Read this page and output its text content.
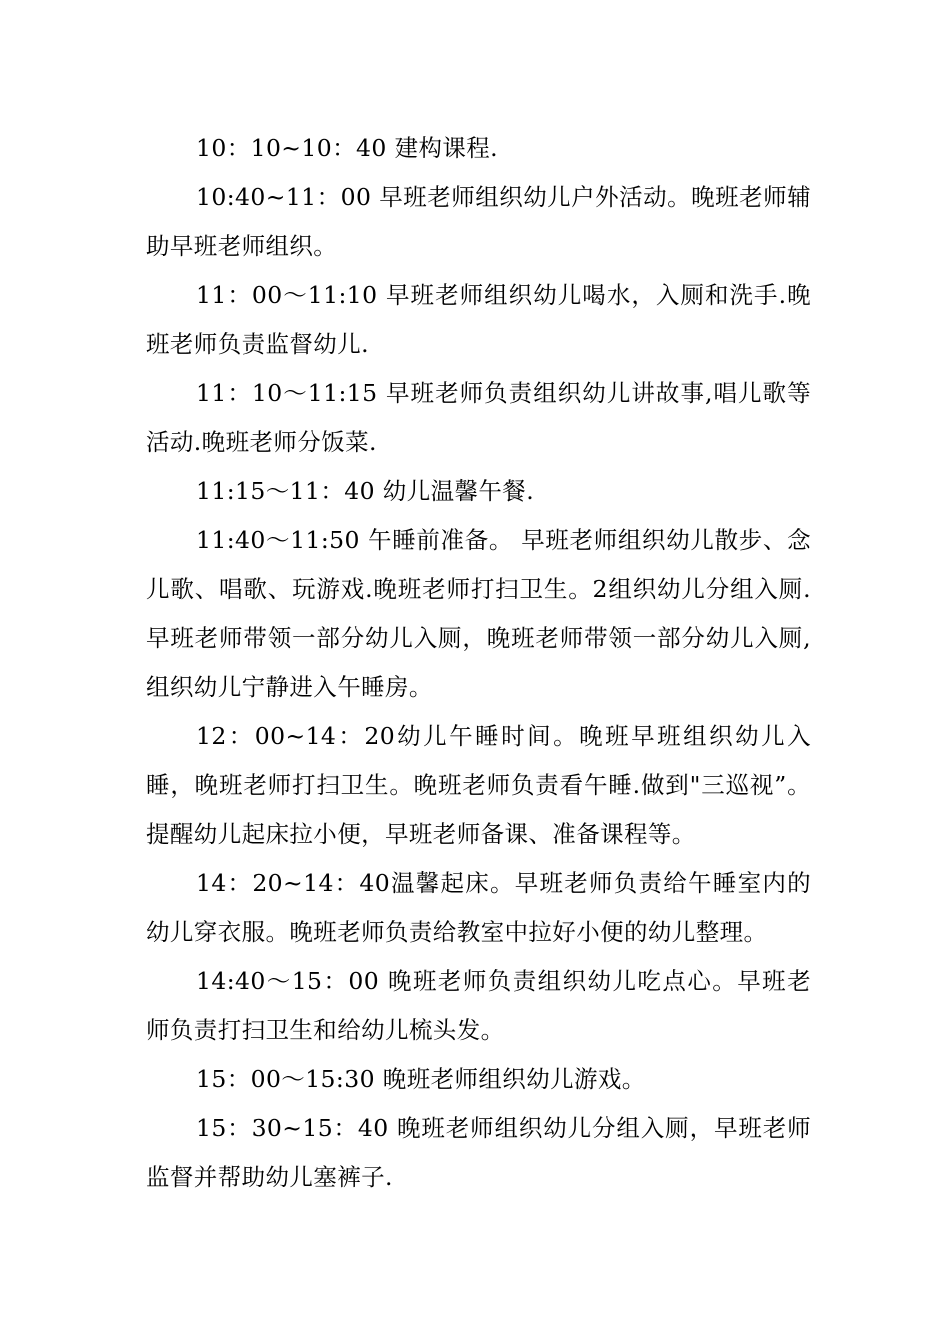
10：10~10：40 建构课程.

10:40~11：00 早班老师组织幼儿户外活动。晚班老师辅助早班老师组织。

11：00～11:10 早班老师组织幼儿喝水，入厕和洗手.晚班老师负责监督幼儿.

11：10～11:15 早班老师负责组织幼儿讲故事,唱儿歌等活动.晚班老师分饭菜.

11:15～11：40 幼儿温馨午餐.

11:40～11:50 午睡前准备。 早班老师组织幼儿散步、念儿歌、唱歌、玩游戏.晚班老师打扫卫生。2组织幼儿分组入厕.早班老师带领一部分幼儿入厕，晚班老师带领一部分幼儿入厕,组织幼儿宁静进入午睡房。

12：00~14：20幼儿午睡时间。晚班早班组织幼儿入睡，晚班老师打扫卫生。晚班老师负责看午睡.做到"三巡视”。提醒幼儿起床拉小便，早班老师备课、准备课程等。

14：20~14：40温馨起床。早班老师负责给午睡室内的幼儿穿衣服。晚班老师负责给教室中拉好小便的幼儿整理。

14:40～15：00 晚班老师负责组织幼儿吃点心。早班老师负责打扫卫生和给幼儿梳头发。

15：00～15:30 晚班老师组织幼儿游戏。

15：30~15：40 晚班老师组织幼儿分组入厕，早班老师监督并帮助幼儿塞裤子.
